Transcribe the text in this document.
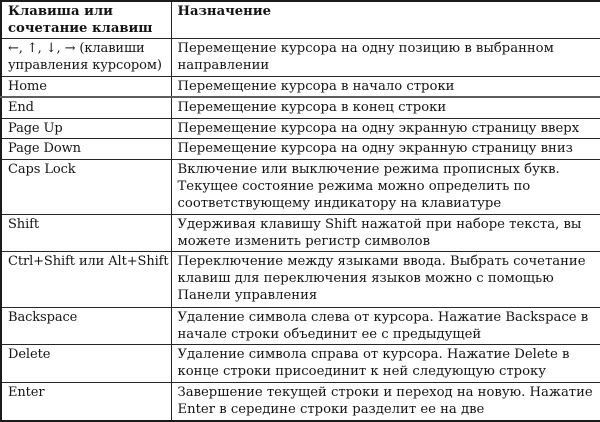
Клавиша или сочетание клавиш	Назначение
←, ↑, ↓, → (клавиши управления курсором)	Перемещение курсора на одну позицию в выбранном направлении
Home	Перемещение курсора в начало строки
End	Перемещение курсора в конец строки
Page Up	Перемещение курсора на одну экранную страницу вверх
Page Down	Перемещение курсора на одну экранную страницу вниз
Caps Lock	Включение или выключение режима прописных букв. Текущее состояние режима можно определить по соответствующему индикатору на клавиатуре
Shift	Удерживая клавишу Shift нажатой при наборе текста, вы можете изменить регистр символов
Ctrl+Shift или Alt+Shift	Переключение между языками ввода. Выбрать сочетание клавиш для переключения языков можно с помощью Панели управления
Backspace	Удаление символа слева от курсора. Нажатие Backspace в начале строки объединит ее с предыдущей
Delete	Удаление символа справа от курсора. Нажатие Delete в конце строки присоединит к ней следующую строку
Enter	Завершение текущей строки и переход на новую. Нажатие Enter в середине строки разделит ее на две
